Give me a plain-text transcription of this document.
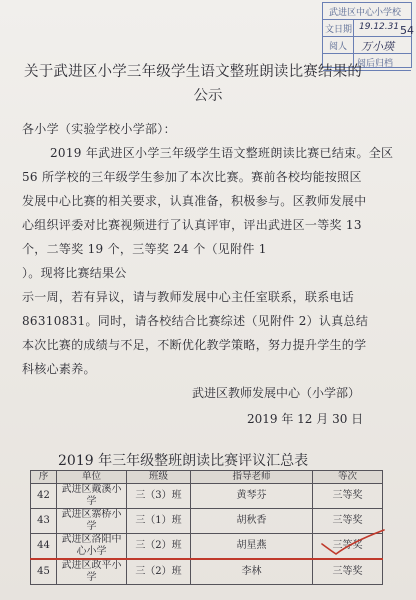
武进区中心小学校
文日期 19.12.31
阅人 万小瑛
阅后归档
54
关于武进区小学三年级学生语文整班朗读比赛结果的
公示
各小学（实验学校小学部）：
2019 年武进区小学三年级学生语文整班朗读比赛已结束。全区
56 所学校的三年级学生参加了本次比赛。赛前各校均能按照区
发展中心比赛的相关要求，认真准备，积极参与。区教师发展中
心组织评委对比赛视频进行了认真评审，评出武进区一等奖 13
个，二等奖 19 个，三等奖 24 个（见附件 1
）。现将比赛结果公
示一周，若有异议，请与教师发展中心主任室联系，联系电话
86310831。同时，请各校结合比赛综述（见附件 2）认真总结
本次比赛的成绩与不足，不断优化教学策略，努力提升学生的学
科核心素养。
武进区教师发展中心（小学部）
2019 年 12 月 30 日
2019 年三年级整班朗读比赛评议汇总表
序	单位	班级	指导老师	等次
42	武进区戴溪小学	三（3）班	黄琴芬	三等奖
43	武进区寨桥小学	三（1）班	胡秋香	三等奖
44	武进区洛阳中心小学	三（2）班	胡星燕	三等奖
45	武进区政平小学	三（2）班	李林	三等奖
